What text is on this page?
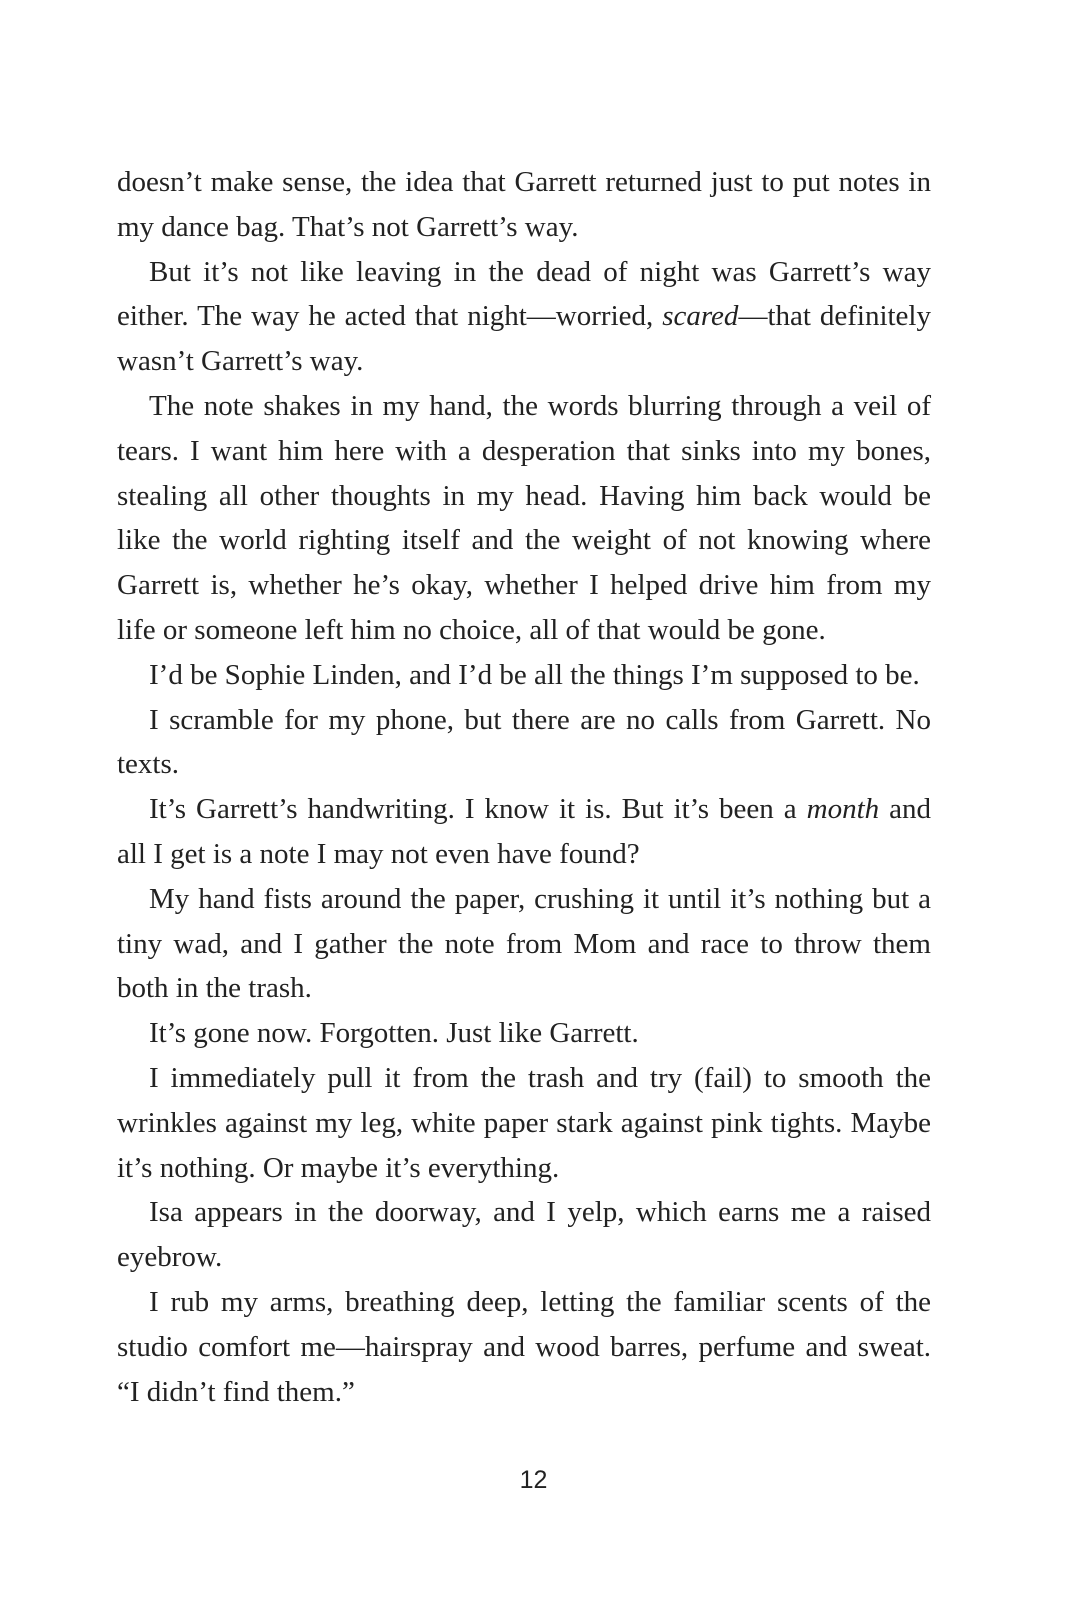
doesn’t make sense, the idea that Garrett returned just to put notes in my dance bag. That’s not Garrett’s way.

But it’s not like leaving in the dead of night was Garrett’s way either. The way he acted that night—worried, scared—that definitely wasn’t Garrett’s way.

The note shakes in my hand, the words blurring through a veil of tears. I want him here with a desperation that sinks into my bones, stealing all other thoughts in my head. Having him back would be like the world righting itself and the weight of not knowing where Garrett is, whether he’s okay, whether I helped drive him from my life or someone left him no choice, all of that would be gone.

I’d be Sophie Linden, and I’d be all the things I’m supposed to be.

I scramble for my phone, but there are no calls from Garrett. No texts.

It’s Garrett’s handwriting. I know it is. But it’s been a month and all I get is a note I may not even have found?

My hand fists around the paper, crushing it until it’s nothing but a tiny wad, and I gather the note from Mom and race to throw them both in the trash.

It’s gone now. Forgotten. Just like Garrett.

I immediately pull it from the trash and try (fail) to smooth the wrinkles against my leg, white paper stark against pink tights. Maybe it’s nothing. Or maybe it’s everything.

Isa appears in the doorway, and I yelp, which earns me a raised eyebrow.

I rub my arms, breathing deep, letting the familiar scents of the studio comfort me—hairspray and wood barres, perfume and sweat. “I didn’t find them.”

12
